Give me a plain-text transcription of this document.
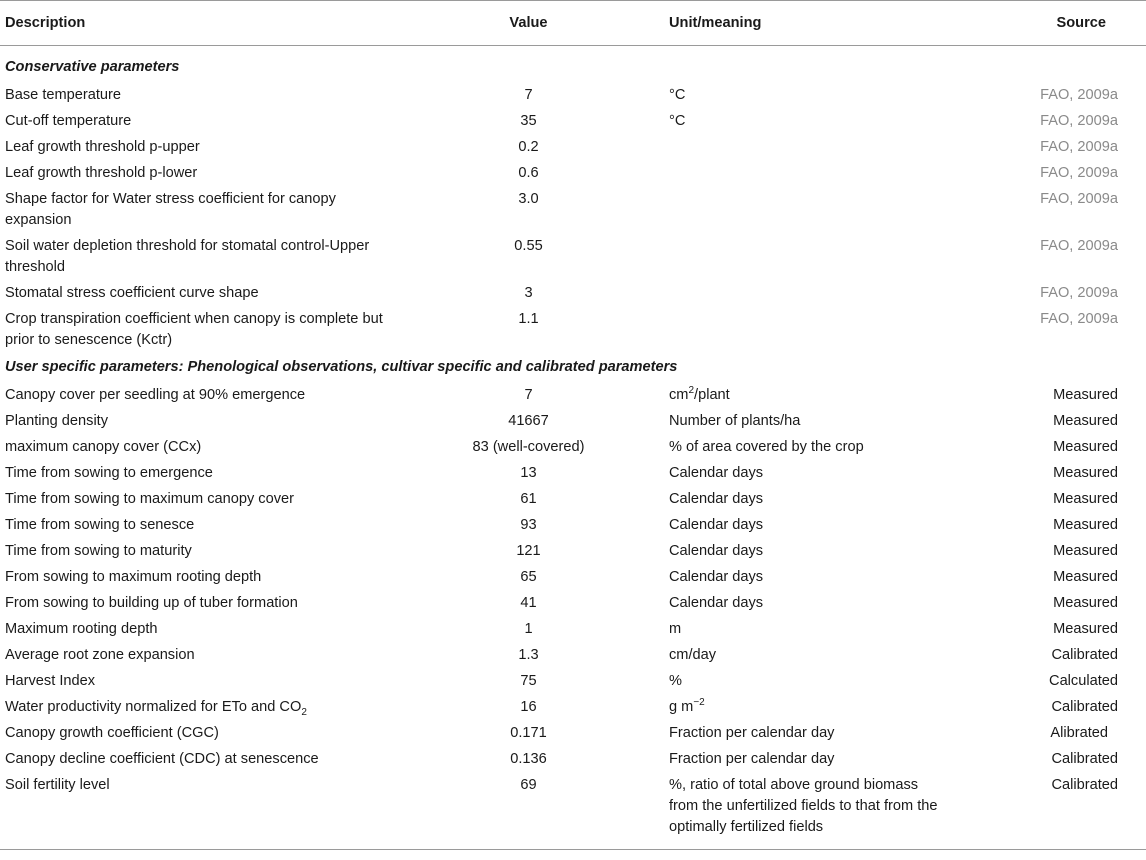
Description	Value	Unit/meaning	Source
Conservative parameters			
Base temperature	7	°C	FAO, 2009a
Cut-off temperature	35	°C	FAO, 2009a
Leaf growth threshold p-upper	0.2		FAO, 2009a
Leaf growth threshold p-lower	0.6		FAO, 2009a
Shape factor for Water stress coefficient for canopy expansion	3.0		FAO, 2009a
Soil water depletion threshold for stomatal control-Upper threshold	0.55		FAO, 2009a
Stomatal stress coefficient curve shape	3		FAO, 2009a
Crop transpiration coefficient when canopy is complete but prior to senescence (Kctr)	1.1		FAO, 2009a
User specific parameters: Phenological observations, cultivar specific and calibrated parameters			
Canopy cover per seedling at 90% emergence	7	$cm^2$/plant	Measured
Planting density	41667	Number of plants/ha	Measured
maximum canopy cover (CCx)	83 (well-covered)	% of area covered by the crop	Measured
Time from sowing to emergence	13	Calendar days	Measured
Time from sowing to maximum canopy cover	61	Calendar days	Measured
Time from sowing to senesce	93	Calendar days	Measured
Time from sowing to maturity	121	Calendar days	Measured
From sowing to maximum rooting depth	65	Calendar days	Measured
From sowing to building up of tuber formation	41	Calendar days	Measured
Maximum rooting depth	1	m	Measured
Average root zone expansion	1.3	cm/day	Calibrated
Harvest Index	75	%	Calculated
Water productivity normalized for ETo and $CO_2$	16	g $m^{-2}$	Calibrated
Canopy growth coefficient (CGC)	0.171	Fraction per calendar day	Alibrated
Canopy decline coefficient (CDC) at senescence	0.136	Fraction per calendar day	Calibrated
Soil fertility level	69	%, ratio of total above ground biomass from the unfertilized fields to that from the optimally fertilized fields	Calibrated
